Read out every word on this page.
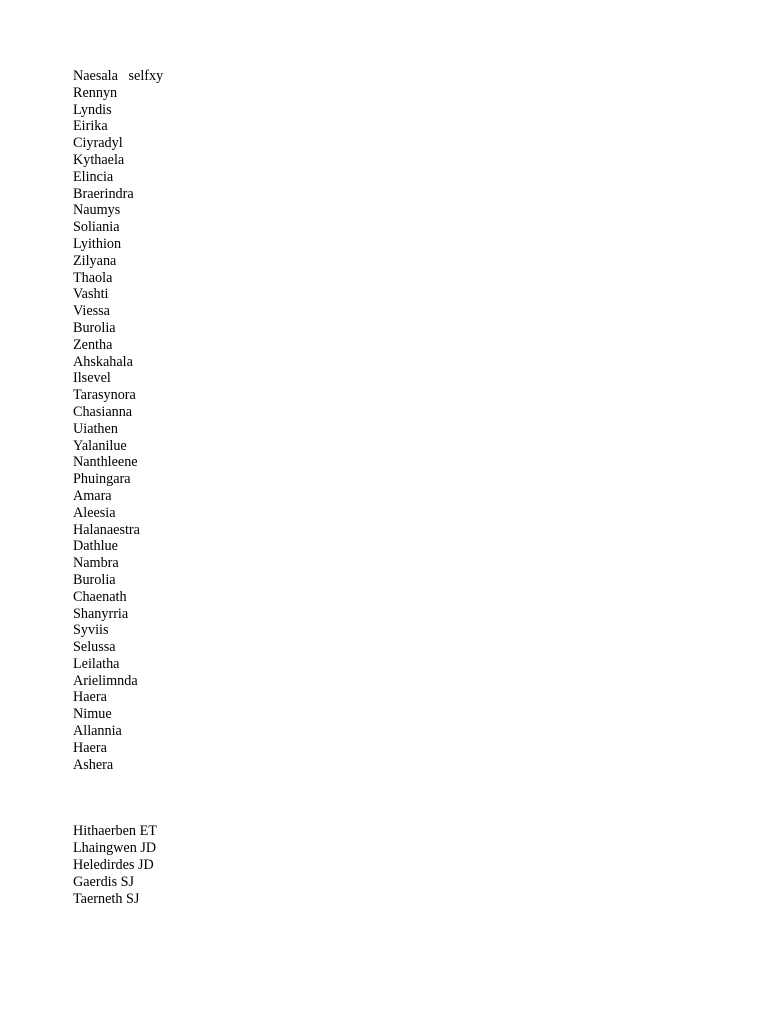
Naesala   selfxy
Rennyn
Lyndis
Eirika
Ciyradyl
Kythaela
Elincia
Braerindra
Naumys
Soliania
Lyithion
Zilyana
Thaola
Vashti
Viessa
Burolia
Zentha
Ahskahala
Ilsevel
Tarasynora
Chasianna
Uiathen
Yalanilue
Nanthleene
Phuingara
Amara
Aleesia
Halanaestra
Dathlue
Nambra
Burolia
Chaenath
Shanyrria
Syviis
Selussa
Leilatha
Arielimnda
Haera
Nimue
Allannia
Haera
Ashera
Hithaerben ET
Lhaingwen JD
Heledirdes JD
Gaerdis SJ
Taerneth SJ
